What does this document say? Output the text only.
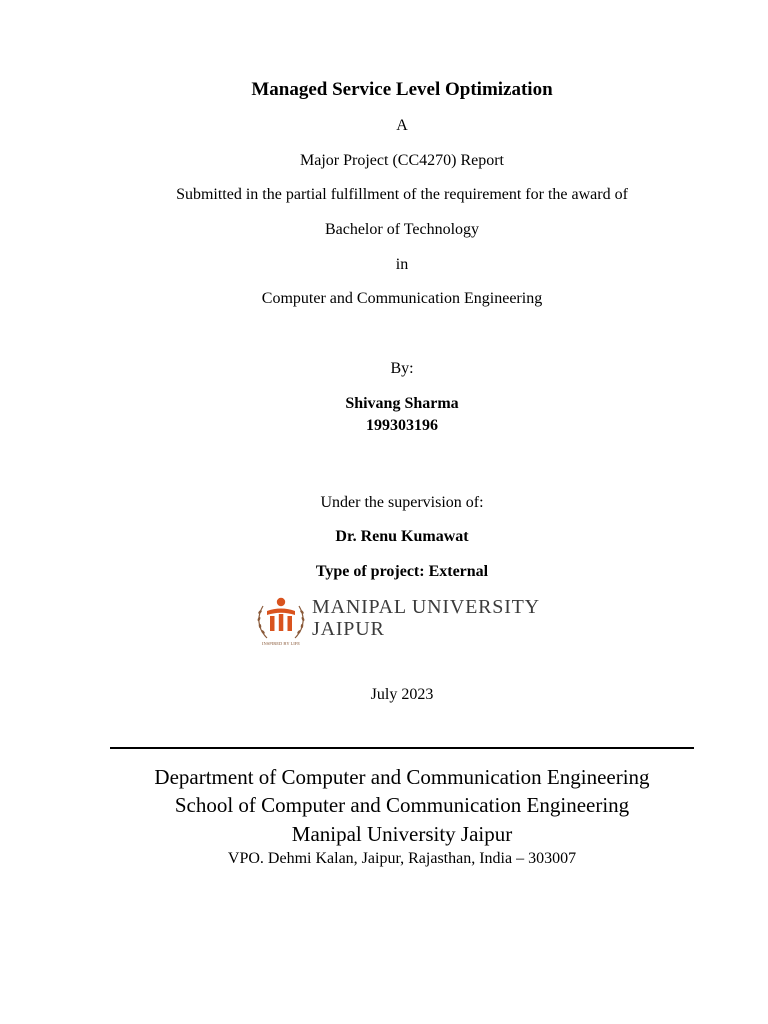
Managed Service Level Optimization
A
Major Project (CC4270) Report
Submitted in the partial fulfillment of the requirement for the award of
Bachelor of Technology
in
Computer and Communication Engineering
By:
Shivang Sharma
199303196
Under the supervision of:
Dr. Renu Kumawat
Type of project: External
INSPIRED BY LIFE
MANIPAL UNIVERSITY
JAIPUR
July 2023
Department of Computer and Communication Engineering
School of Computer and Communication Engineering
Manipal University Jaipur
VPO. Dehmi Kalan, Jaipur, Rajasthan, India – 303007
